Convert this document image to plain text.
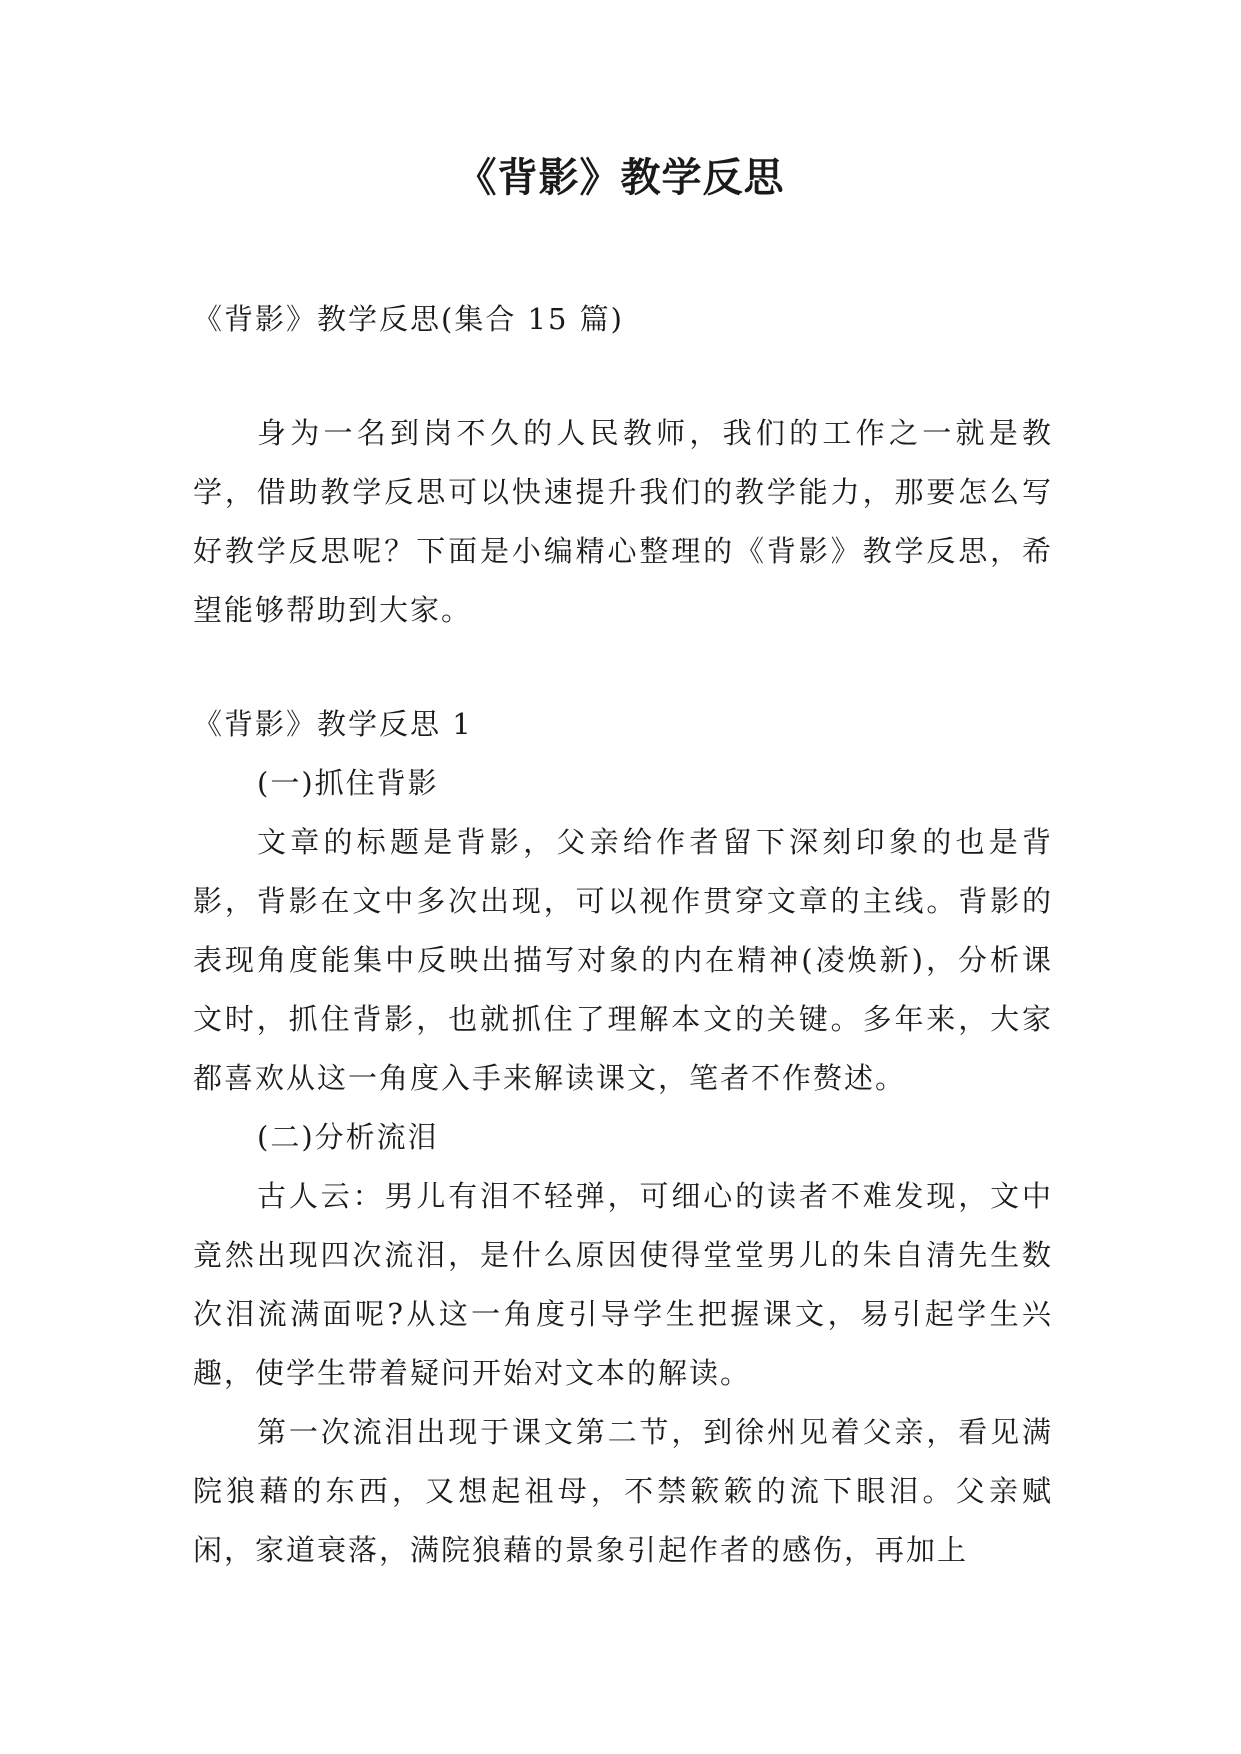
《背影》教学反思

《背影》教学反思(集合 15 篇)

身为一名到岗不久的人民教师，我们的工作之一就是教学，借助教学反思可以快速提升我们的教学能力，那要怎么写好教学反思呢？下面是小编精心整理的《背影》教学反思，希望能够帮助到大家。

《背影》教学反思 1

(一)抓住背影

文章的标题是背影，父亲给作者留下深刻印象的也是背影，背影在文中多次出现，可以视作贯穿文章的主线。背影的表现角度能集中反映出描写对象的内在精神(凌焕新)，分析课文时，抓住背影，也就抓住了理解本文的关键。多年来，大家都喜欢从这一角度入手来解读课文，笔者不作赘述。

(二)分析流泪

古人云：男儿有泪不轻弹，可细心的读者不难发现，文中竟然出现四次流泪，是什么原因使得堂堂男儿的朱自清先生数次泪流满面呢?从这一角度引导学生把握课文，易引起学生兴趣，使学生带着疑问开始对文本的解读。

第一次流泪出现于课文第二节，到徐州见着父亲，看见满院狼藉的东西，又想起祖母，不禁簌簌的流下眼泪。父亲赋闲，家道衰落，满院狼藉的景象引起作者的感伤，再加上
